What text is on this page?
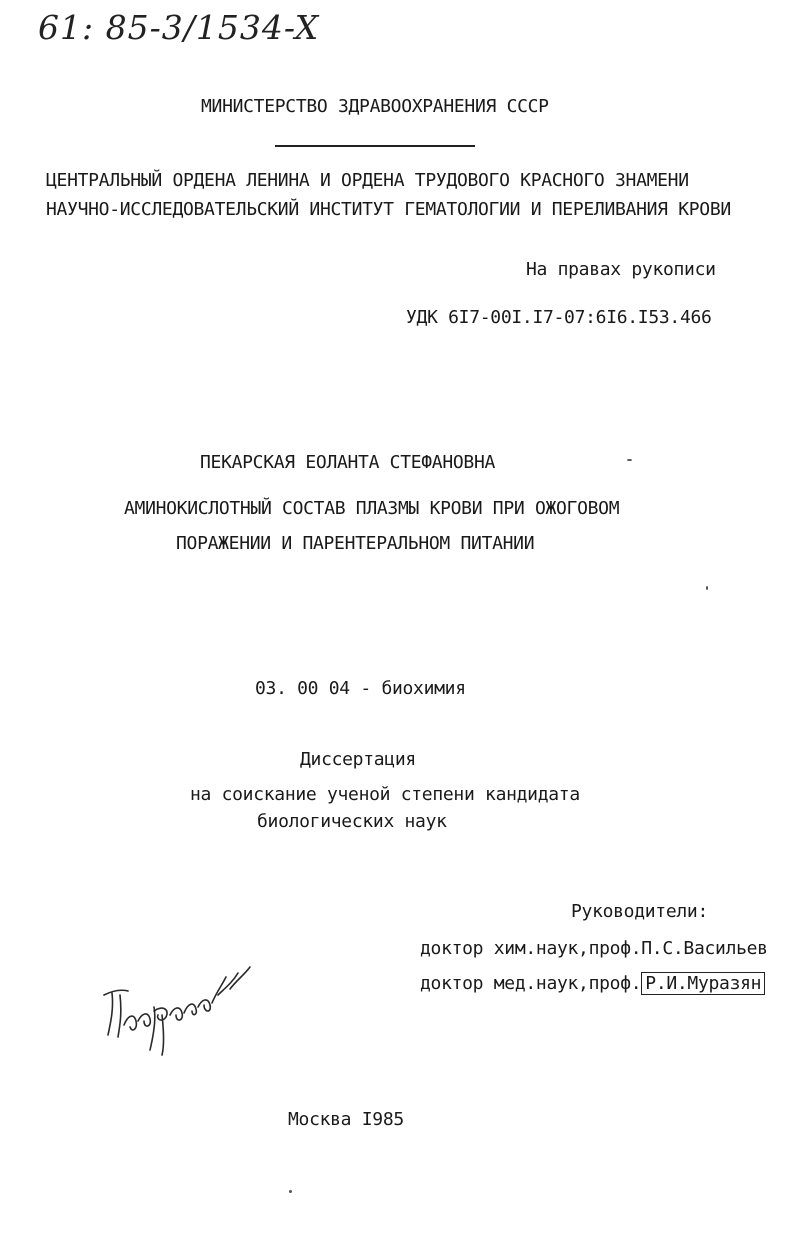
61: 85-3/1534-X
МИНИСТЕРСТВО ЗДРАВООХРАНЕНИЯ СССР
ЦЕНТРАЛЬНЫЙ ОРДЕНА ЛЕНИНА И ОРДЕНА ТРУДОВОГО КРАСНОГО ЗНАМЕНИ
НАУЧНО-ИССЛЕДОВАТЕЛЬСКИЙ ИНСТИТУТ ГЕМАТОЛОГИИ И ПЕРЕЛИВАНИЯ КРОВИ
На правах рукописи
УДК 6I7-00I.I7-07:6I6.I53.466
ПЕКАРСКАЯ ЕОЛАНТА СТЕФАНОВНА
АМИНОКИСЛОТНЫЙ СОСТАВ ПЛАЗМЫ КРОВИ ПРИ ОЖОГОВОМ
ПОРАЖЕНИИ И ПАРЕНТЕРАЛЬНОМ ПИТАНИИ
03. 00 04 - биохимия
Диссертация
на соискание ученой степени кандидата
биологических наук
Руководители:
доктор хим.наук,проф.П.С.Васильев
доктор мед.наук,проф. Р.И.Муразян
Москва I985
